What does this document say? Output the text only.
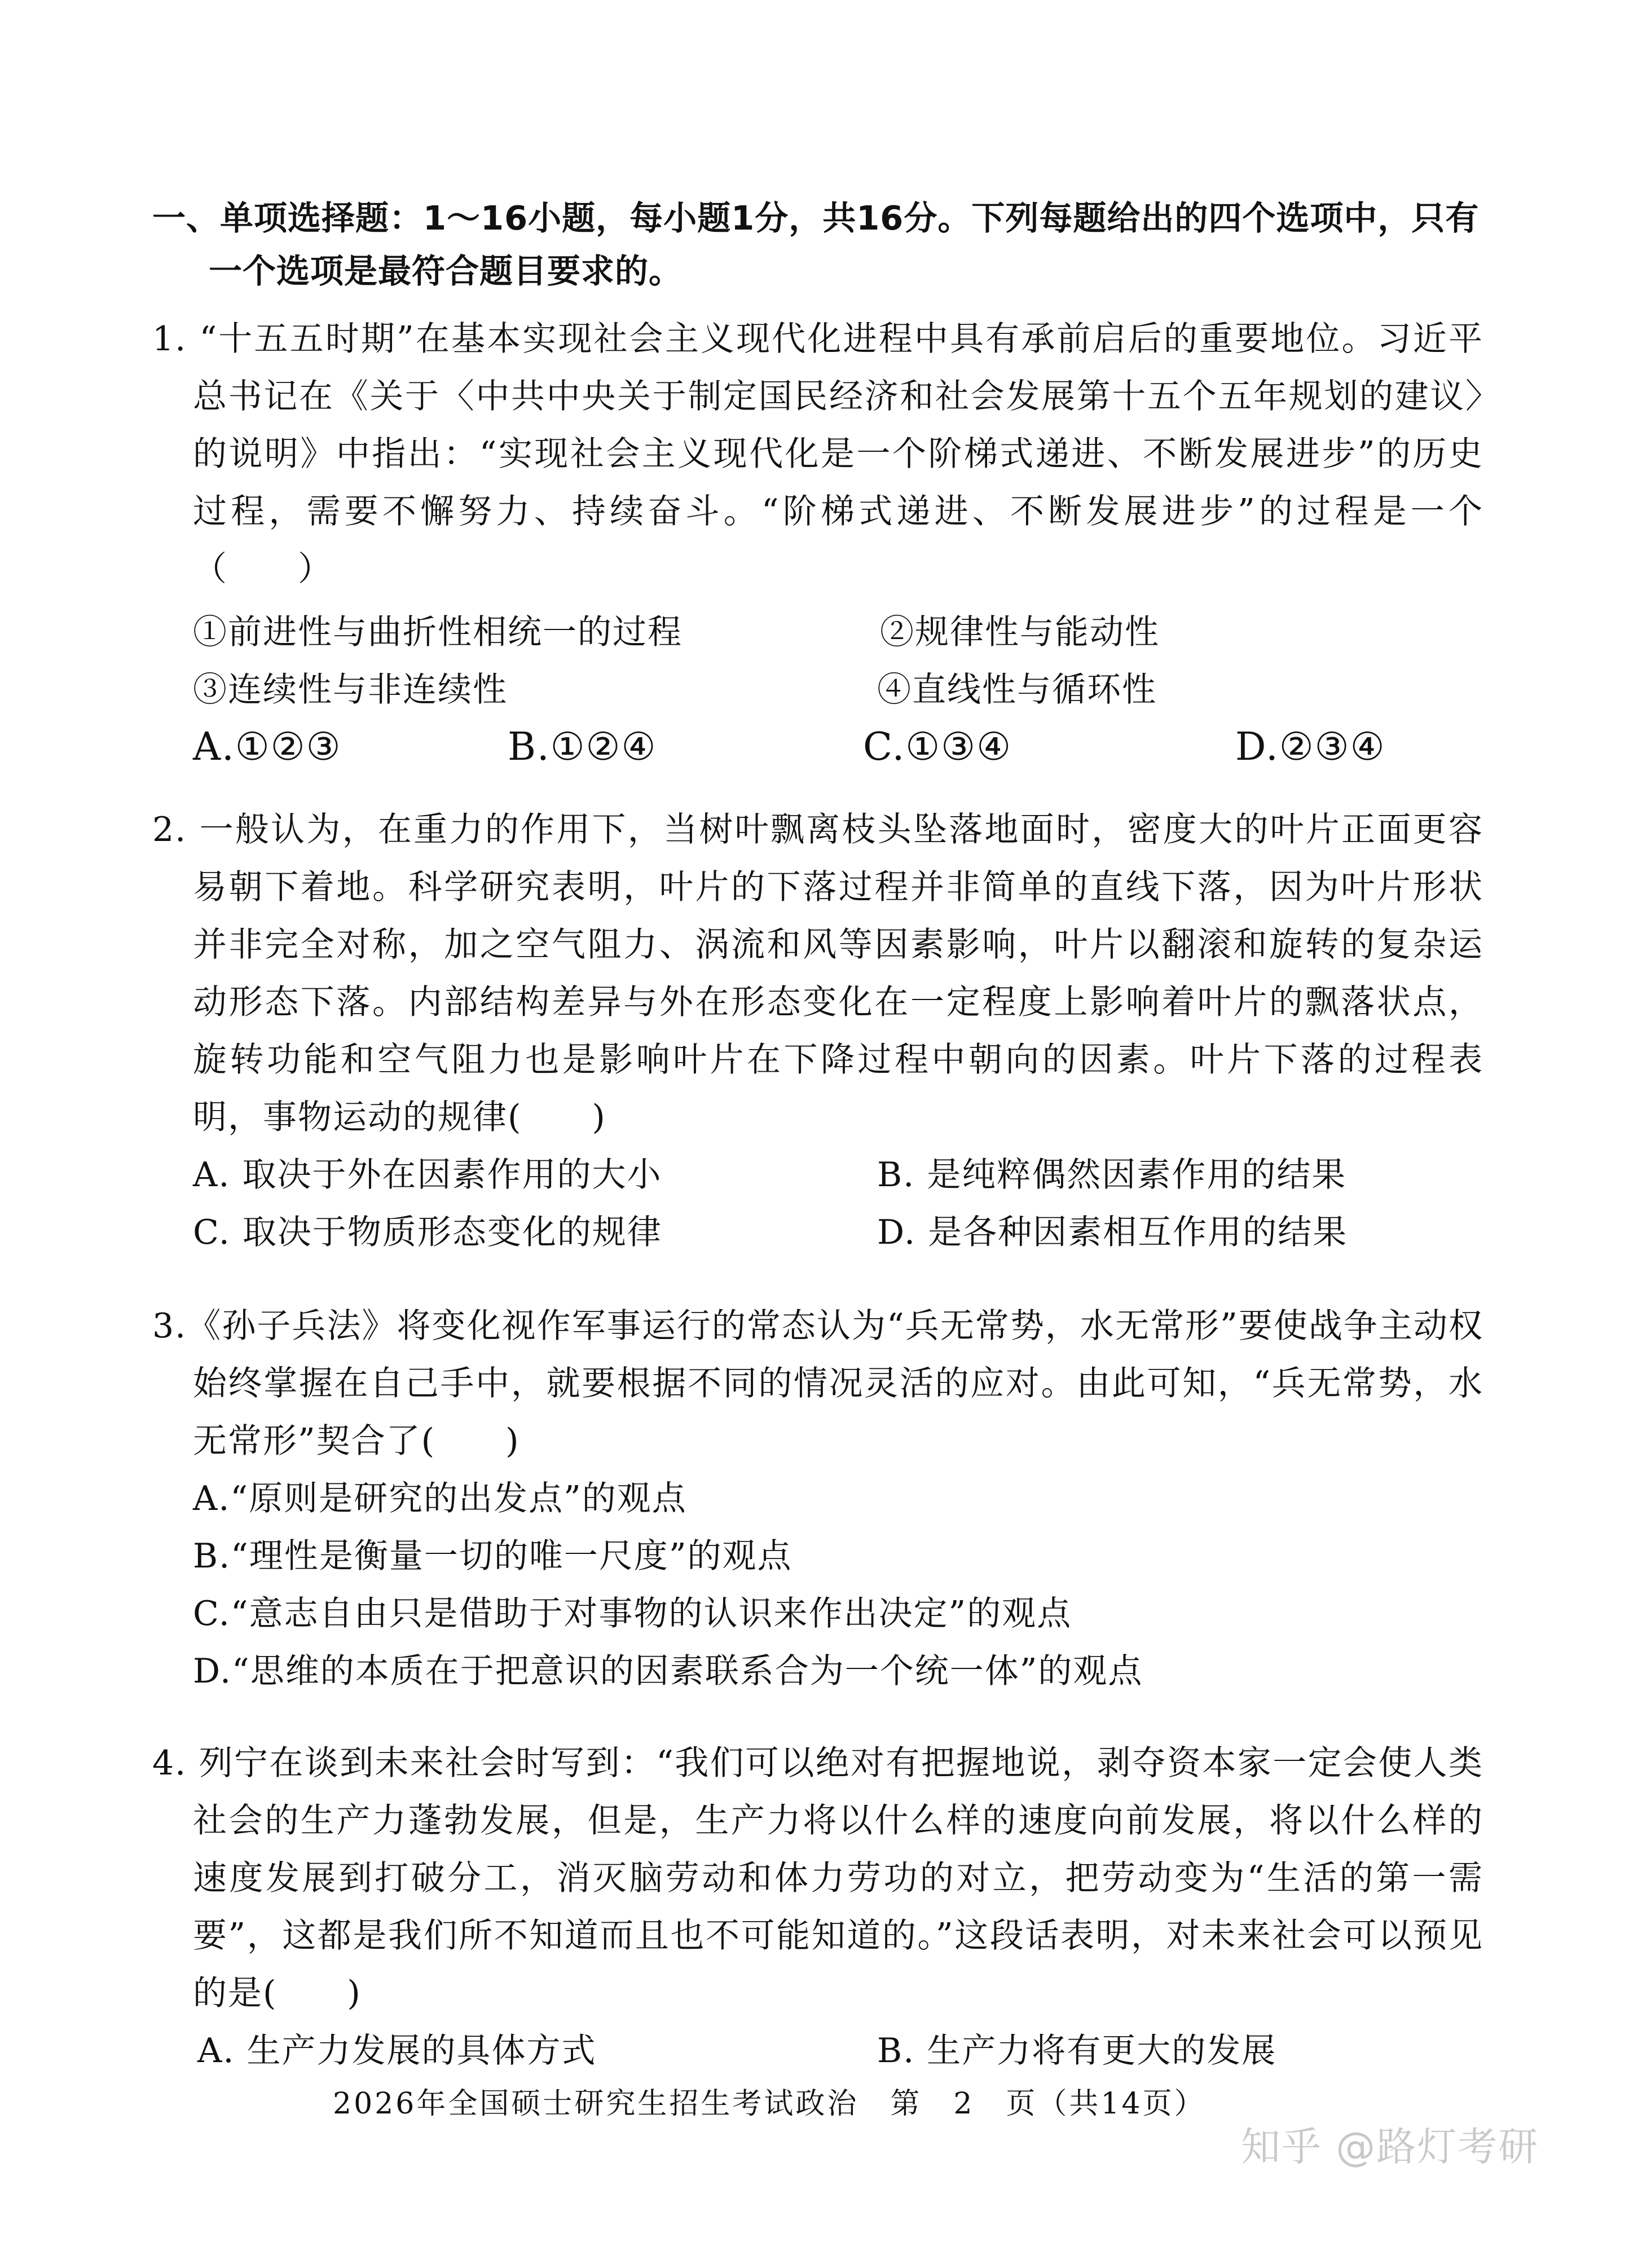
一、单项选择题：1～16小题，每小题1分，共16分。下列每题给出的四个选项中，只有
一个选项是最符合题目要求的。
1. “十五五时期”在基本实现社会主义现代化进程中具有承前启后的重要地位。习近平总书记在《关于〈中共中央关于制定国民经济和社会发展第十五个五年规划的建议〉的说明》中指出：“实现社会主义现代化是一个阶梯式递进、不断发展进步”的历史过程，需要不懈努力、持续奋斗。“阶梯式递进、不断发展进步”的过程是一个（　　）
①前进性与曲折性相统一的过程	②规律性与能动性
③连续性与非连续性	④直线性与循环性
A.①②③	B.①②④	C.①③④	D.②③④
2. 一般认为，在重力的作用下，当树叶飘离枝头坠落地面时，密度大的叶片正面更容易朝下着地。科学研究表明，叶片的下落过程并非简单的直线下落，因为叶片形状并非完全对称，加之空气阻力、涡流和风等因素影响，叶片以翻滚和旋转的复杂运动形态下落。内部结构差异与外在形态变化在一定程度上影响着叶片的飘落状点，旋转功能和空气阻力也是影响叶片在下降过程中朝向的因素。叶片下落的过程表明，事物运动的规律(　　)
A. 取决于外在因素作用的大小	B. 是纯粹偶然因素作用的结果
C. 取决于物质形态变化的规律	D. 是各种因素相互作用的结果
3.《孙子兵法》将变化视作军事运行的常态认为“兵无常势，水无常形”要使战争主动权始终掌握在自己手中，就要根据不同的情况灵活的应对。由此可知，“兵无常势，水无常形”契合了(　　)
A.“原则是研究的出发点”的观点
B.“理性是衡量一切的唯一尺度”的观点
C.“意志自由只是借助于对事物的认识来作出决定”的观点
D.“思维的本质在于把意识的因素联系合为一个统一体”的观点
4. 列宁在谈到未来社会时写到：“我们可以绝对有把握地说，剥夺资本家一定会使人类社会的生产力蓬勃发展，但是，生产力将以什么样的速度向前发展，将以什么样的速度发展到打破分工，消灭脑劳动和体力劳功的对立，把劳动变为“生活的第一需要”，这都是我们所不知道而且也不可能知道的。”这段话表明，对未来社会可以预见的是(　　)
A. 生产力发展的具体方式	B. 生产力将有更大的发展
2026年全国硕士研究生招生考试政治　第　2　页（共14页）
知乎 @路灯考研
